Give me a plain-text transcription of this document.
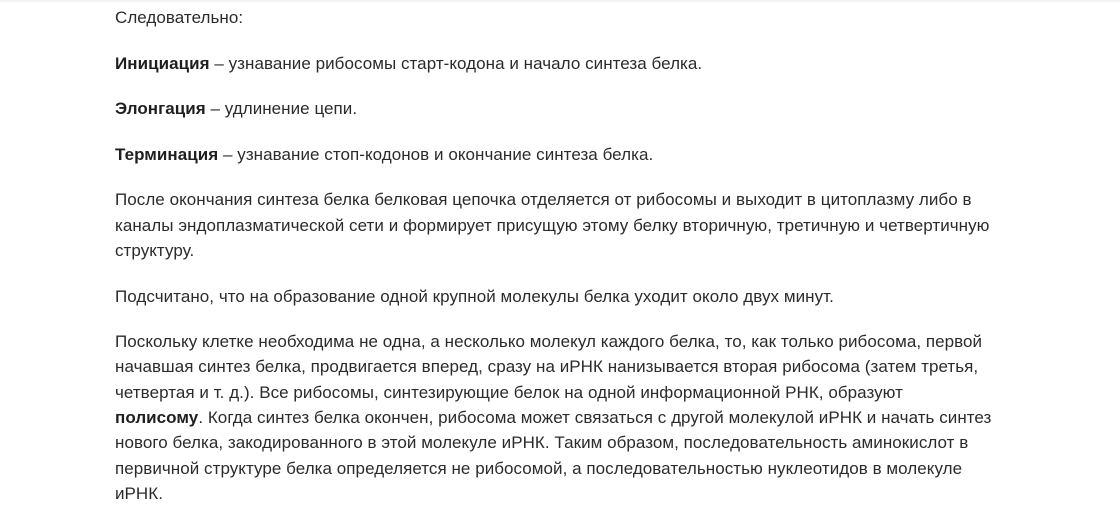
Следовательно:

Инициация – узнавание рибосомы старт-кодона и начало синтеза белка.

Элонгация – удлинение цепи.

Терминация – узнавание стоп-кодонов и окончание синтеза белка.

После окончания синтеза белка белковая цепочка отделяется от рибосомы и выходит в цитоплазму либо в каналы эндоплазматической сети и формирует присущую этому белку вторичную, третичную и четвертичную структуру.

Подсчитано, что на образование одной крупной молекулы белка уходит около двух минут.

Поскольку клетке необходима не одна, а несколько молекул каждого белка, то, как только рибосома, первой начавшая синтез белка, продвигается вперед, сразу на иРНК нанизывается вторая рибосома (затем третья, четвертая и т. д.). Все рибосомы, синтезирующие белок на одной информационной РНК, образуют полисому. Когда синтез белка окончен, рибосома может связаться с другой молекулой иРНК и начать синтез нового белка, закодированного в этой молекуле иРНК. Таким образом, последовательность аминокислот в первичной структуре белка определяется не рибосомой, а последовательностью нуклеотидов в молекуле иРНК.
